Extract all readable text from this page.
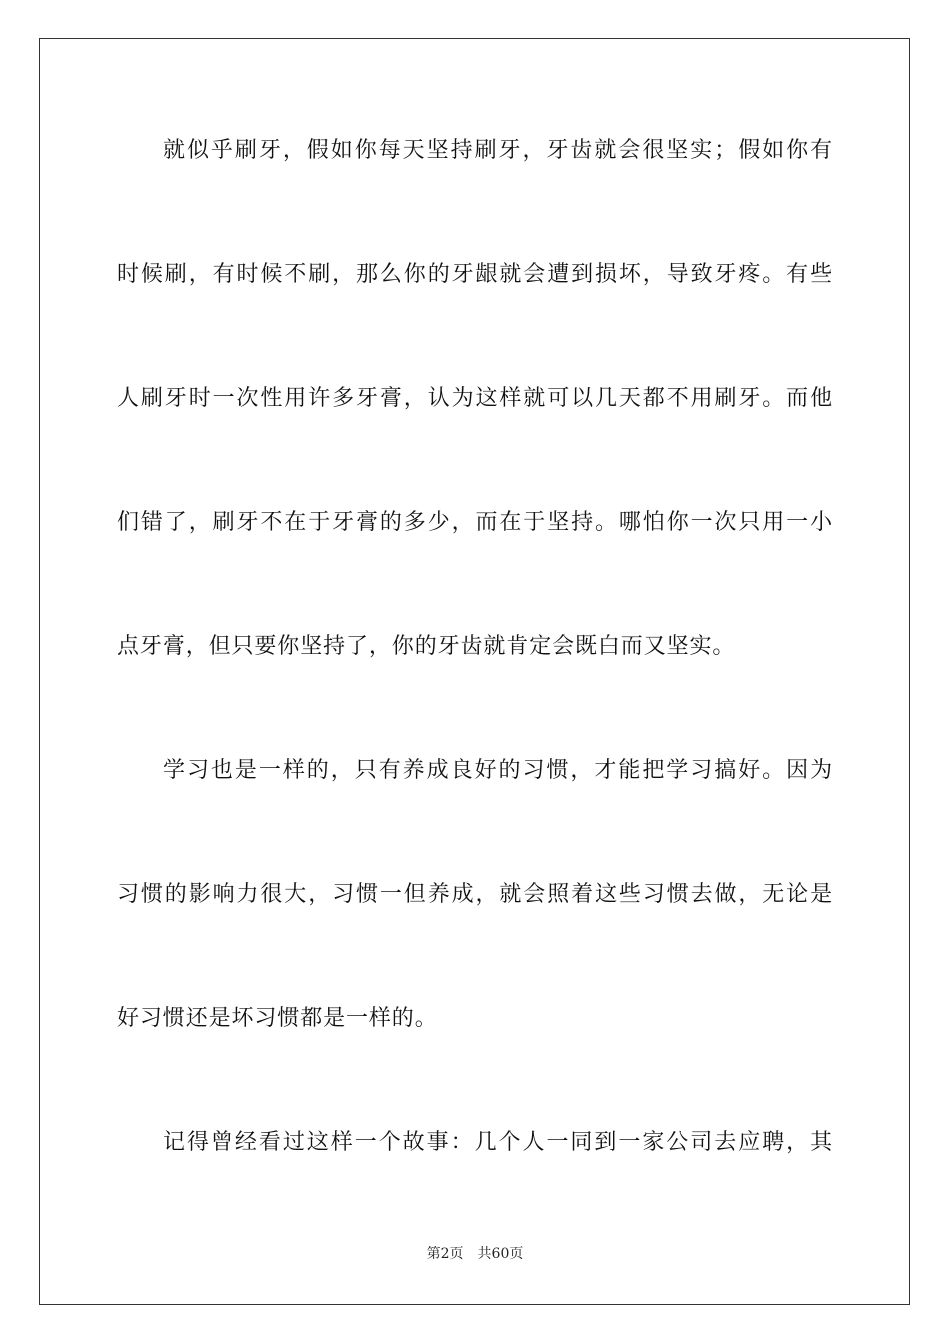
就似乎刷牙，假如你每天坚持刷牙，牙齿就会很坚实；假如你有
时候刷，有时候不刷，那么你的牙龈就会遭到损坏，导致牙疼。有些
人刷牙时一次性用许多牙膏，认为这样就可以几天都不用刷牙。而他
们错了，刷牙不在于牙膏的多少，而在于坚持。哪怕你一次只用一小
点牙膏，但只要你坚持了，你的牙齿就肯定会既白而又坚实。
学习也是一样的，只有养成良好的习惯，才能把学习搞好。因为
习惯的影响力很大，习惯一但养成，就会照着这些习惯去做，无论是
好习惯还是坏习惯都是一样的。
记得曾经看过这样一个故事：几个人一同到一家公司去应聘，其
第2页 共60页
